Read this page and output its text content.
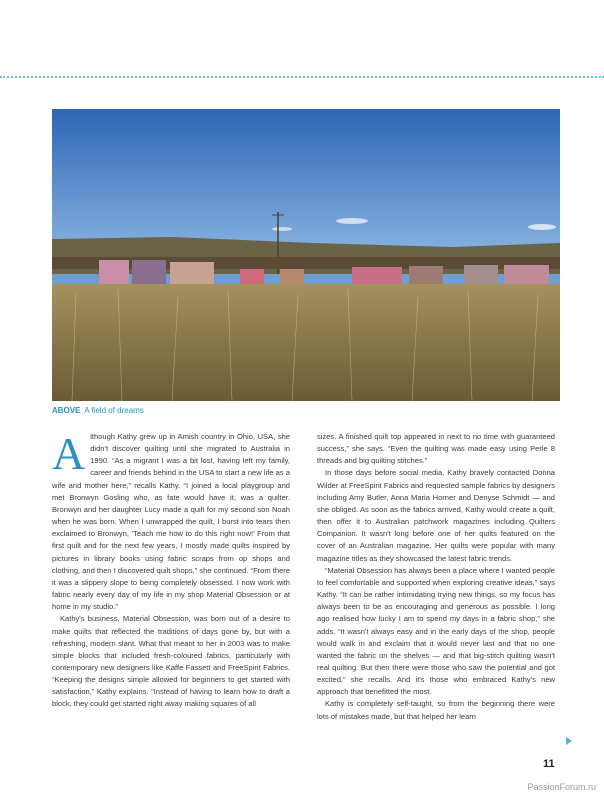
ABOVE A field of dreams

Although Kathy grew up in Amish country in Ohio, USA, she didn't discover quilting until she migrated to Australia in 1990. “As a migrant I was a bit lost, having left my family, career and friends behind in the USA to start a new life as a wife and mother here,” recalls Kathy. “I joined a local playgroup and met Bronwyn Gosling who, as fate would have it, was a quilter. Bronwyn and her daughter Lucy made a quilt for my second son Noah when he was born. When I unwrapped the quilt, I burst into tears then exclaimed to Bronwyn, ‘Teach me how to do this right now!’ From that first quilt and for the next few years, I mostly made quilts inspired by pictures in library books using fabric scraps from op shops and clothing, and then I discovered quilt shops,” she continued. “From there it was a slippery slope to being completely obsessed. I now work with fabric nearly every day of my life in my shop Material Obsession or at home in my studio.”

Kathy's business, Material Obsession, was born out of a desire to make quilts that reflected the traditions of days gone by, but with a refreshing, modern slant. What that meant to her in 2003 was to make simple blocks that included fresh-coloured fabrics, particularly with contemporary new designers like Kaffe Fassett and FreeSpirit Fabrics. “Keeping the designs simple allowed for beginners to get started with satisfaction,” Kathy explains. “Instead of having to learn how to draft a block, they could get started right away making squares of all

sizes. A finished quilt top appeared in next to no time with guaranteed success,” she says. “Even the quilting was made easy using Perle 8 threads and big quilting stitches.”

In those days before social media, Kathy bravely contacted Donna Wilder at FreeSpirit Fabrics and requested sample fabrics by designers including Amy Butler, Anna Maria Horner and Denyse Schmidt — and she obliged. As soon as the fabrics arrived, Kathy would create a quilt, then offer it to Australian patchwork magazines including Quilters Companion. It wasn't long before one of her quilts featured on the cover of an Australian magazine. Her quilts were popular with many magazine titles as they showcased the latest fabric trends.

“Material Obsession has always been a place where I wanted people to feel comfortable and supported when exploring creative ideas,” says Kathy. “It can be rather intimidating trying new things, so my focus has always been to be as encouraging and generous as possible. I long ago realised how lucky I am to spend my days in a fabric shop,” she adds. “It wasn't always easy and in the early days of the shop, people would walk in and exclaim that it would never last and that no one wanted the fabric on the shelves — and that big-stitch quilting wasn't real quilting. But then there were those who saw the potential and got excited,” she recalls. And it's those who embraced Kathy's new approach that benefitted the most.

Kathy is completely self-taught, so from the beginning there were lots of mistakes made, but that helped her learn

11
PassionForum.ru
